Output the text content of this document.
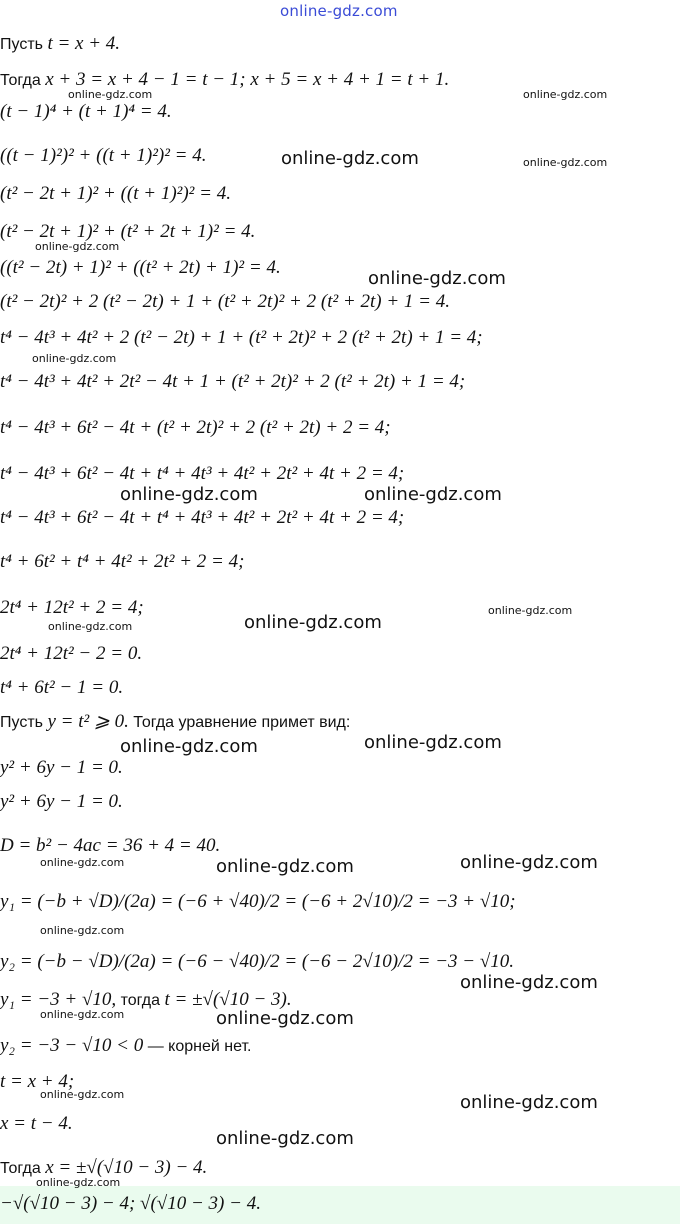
online-gdz.com
Пусть t = x + 4.
Тогда x + 3 = x + 4 − 1 = t − 1; x + 5 = x + 4 + 1 = t + 1.
(t − 1)⁴ + (t + 1)⁴ = 4.
((t − 1)²)² + ((t + 1)²)² = 4.
(t² − 2t + 1)² + ((t + 1)²)² = 4.
(t² − 2t + 1)² + (t² + 2t + 1)² = 4.
((t² − 2t) + 1)² + ((t² + 2t) + 1)² = 4.
(t² − 2t)² + 2 (t² − 2t) + 1 + (t² + 2t)² + 2 (t² + 2t) + 1 = 4.
t⁴ − 4t³ + 4t² + 2 (t² − 2t) + 1 + (t² + 2t)² + 2 (t² + 2t) + 1 = 4;
t⁴ − 4t³ + 4t² + 2t² − 4t + 1 + (t² + 2t)² + 2 (t² + 2t) + 1 = 4;
t⁴ − 4t³ + 6t² − 4t + (t² + 2t)² + 2 (t² + 2t) + 2 = 4;
t⁴ − 4t³ + 6t² − 4t + t⁴ + 4t³ + 4t² + 2t² + 4t + 2 = 4;
t⁴ − 4t³ + 6t² − 4t + t⁴ + 4t³ + 4t² + 2t² + 4t + 2 = 4;
t⁴ + 6t² + t⁴ + 4t² + 2t² + 2 = 4;
2t⁴ + 12t² + 2 = 4;
2t⁴ + 12t² − 2 = 0.
t⁴ + 6t² − 1 = 0.
Пусть y = t² ⩾ 0. Тогда уравнение примет вид:
y² + 6y − 1 = 0.
y² + 6y − 1 = 0.
D = b² − 4ac = 36 + 4 = 40.
y₁ = (−b + √D)/(2a) = (−6 + √40)/2 = (−6 + 2√10)/2 = −3 + √10;
y₂ = (−b − √D)/(2a) = (−6 − √40)/2 = (−6 − 2√10)/2 = −3 − √10.
y₁ = −3 + √10, тогда t = ±√(√10 − 3).
y₂ = −3 − √10 < 0 — корней нет.
t = x + 4;
x = t − 4.
Тогда x = ±√(√10 − 3) − 4.
−√(√10 − 3) − 4; √(√10 − 3) − 4.
online-gdz.com	online-gdz.com
online-gdz.com	online-gdz.com
online-gdz.com
online-gdz.com
online-gdz.com
online-gdz.com	online-gdz.com
online-gdz.com
online-gdz.com
online-gdz.com
online-gdz.com	online-gdz.com
online-gdz.com	online-gdz.com	online-gdz.com
online-gdz.com
online-gdz.com
online-gdz.com	online-gdz.com
online-gdz.com	online-gdz.com
online-gdz.com
online-gdz.com
